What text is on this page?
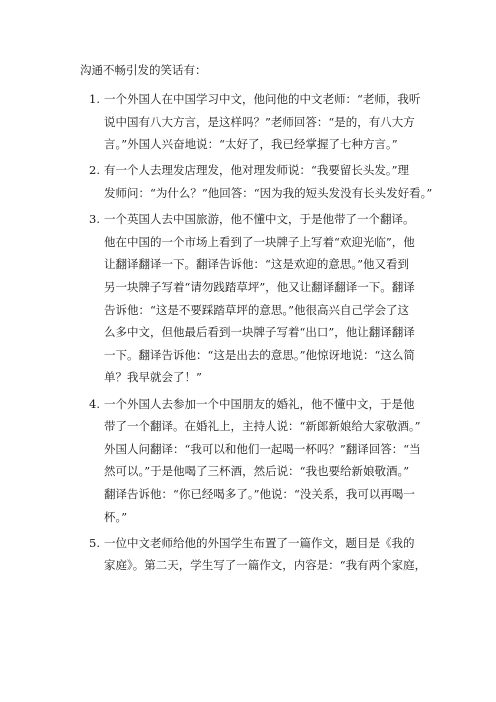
沟通不畅引发的笑话有：
1. 一个外国人在中国学习中文，他问他的中文老师：“老师，我听
说中国有八大方言，是这样吗？”老师回答：“是的，有八大方
言。”外国人兴奋地说：“太好了，我已经掌握了七种方言。”
2. 有一个人去理发店理发，他对理发师说：“我要留长头发。”理
发师问：“为什么？”他回答：“因为我的短头发没有长头发好看。”
3. 一个英国人去中国旅游，他不懂中文，于是他带了一个翻译。
他在中国的一个市场上看到了一块牌子上写着“欢迎光临”，他
让翻译翻译一下。翻译告诉他：“这是欢迎的意思。”他又看到
另一块牌子写着“请勿践踏草坪”，他又让翻译翻译一下。翻译
告诉他：“这是不要踩踏草坪的意思。”他很高兴自己学会了这
么多中文，但他最后看到一块牌子写着“出口”，他让翻译翻译
一下。翻译告诉他：“这是出去的意思。”他惊讶地说：“这么简
单？我早就会了！”
4. 一个外国人去参加一个中国朋友的婚礼，他不懂中文，于是他
带了一个翻译。在婚礼上，主持人说：“新郎新娘给大家敬酒。”
外国人问翻译：“我可以和他们一起喝一杯吗？”翻译回答：“当
然可以。”于是他喝了三杯酒，然后说：“我也要给新娘敬酒。”
翻译告诉他：“你已经喝多了。”他说：“没关系，我可以再喝一
杯。”
5. 一位中文老师给他的外国学生布置了一篇作文，题目是《我的
家庭》。第二天，学生写了一篇作文，内容是：“我有两个家庭，
